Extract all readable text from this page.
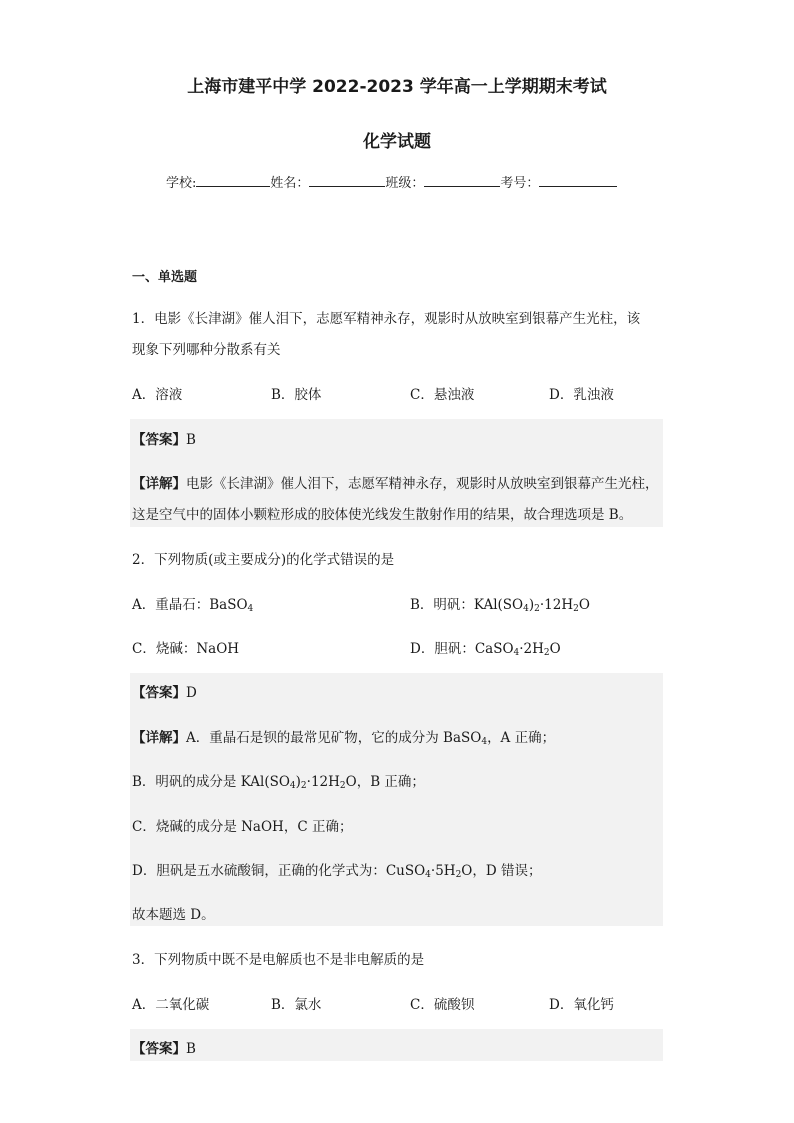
上海市建平中学 2022-2023 学年高一上学期期末考试
化学试题
学校:	姓名：	班级：	考号：
一、单选题
1．电影《长津湖》催人泪下，志愿军精神永存，观影时从放映室到银幕产生光柱，该
现象下列哪种分散系有关
A．溶液	B．胶体	C．悬浊液	D．乳浊液
【答案】B
【详解】电影《长津湖》催人泪下，志愿军精神永存，观影时从放映室到银幕产生光柱，
这是空气中的固体小颗粒形成的胶体使光线发生散射作用的结果，故合理选项是 B。
2．下列物质(或主要成分)的化学式错误的是
A．重晶石：BaSO$_4$	B．明矾：$KAl(SO_4)_2\cdot 12H_2O$
C．烧碱：NaOH	D．胆矾：$CaSO_4\cdot 2H_2O$
【答案】D
【详解】A．重晶石是钡的最常见矿物，它的成分为 BaSO$_4$，A 正确；
B．明矾的成分是 $KAl(SO_4)_2\cdot 12H_2O$，B 正确；
C．烧碱的成分是 NaOH，C 正确；
D．胆矾是五水硫酸铜，正确的化学式为：$CuSO_4\cdot 5H_2O$，D 错误；
故本题选 D。
3．下列物质中既不是电解质也不是非电解质的是
A．二氧化碳	B．氯水	C．硫酸钡	D．氧化钙
【答案】B
